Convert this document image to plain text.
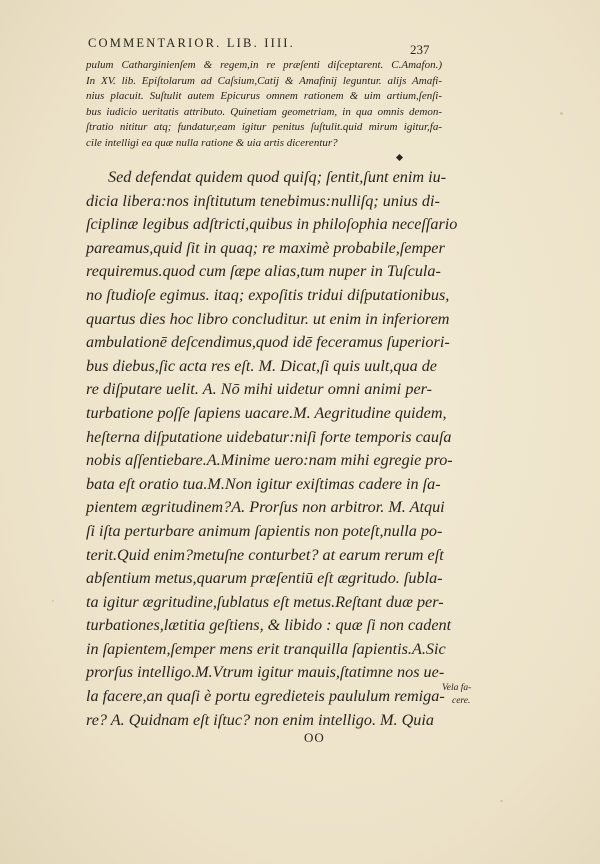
COMMENTARIOR. LIB. IIII.	237
pulum Catharginienſem & regem,in re præſenti diſceptarent. C.Amafon.)
In XV. lib. Epiſtolarum ad Caſsium,Catij & Amafinij leguntur. alijs Amafi-
nius placuit. Suſtulit autem Epicurus omnem rationem & uim artium,ſenſi-
bus iudicio ueritatis attributo. Quinetiam geometriam, in qua omnis demon-
ſtratio nititur atq; fundatur,eam igitur penitus ſuſtulit.quid mirum igitur,fa-
cile intelligi ea quæ nulla ratione & uia artis dicerentur?
Sed defendat quidem quod quiſq; ſentit,ſunt enim iu-
dicia libera:nos inſtitutum tenebimus:nulliſq; unius di-
ſciplinæ legibus adſtricti,quibus in philoſophia neceſſario
pareamus,quid ſit in quaq; re maximè probabile,ſemper
requiremus.quod cum ſæpe alias,tum nuper in Tuſcula-
no ſtudioſe egimus. itaq; expoſitis tridui diſputationibus,
quartus dies hoc libro concluditur. ut enim in inferiorem
ambulationē deſcendimus,quod idē feceramus ſuperiori-
bus diebus,ſic acta res eſt. M. Dicat,ſi quis uult,qua de
re diſputare uelit. A. Nō mihi uidetur omni animi per-
turbatione poſſe ſapiens uacare.M. Aegritudine quidem,
heſterna diſputatione uidebatur:niſi forte temporis cauſa
nobis aſſentiebare.A.Minime uero:nam mihi egregie pro-
bata eſt oratio tua.M.Non igitur exiſtimas cadere in ſa-
pientem ægritudinem?A. Prorſus non arbitror. M. Atqui
ſi iſta perturbare animum ſapientis non poteſt,nulla po-
terit.Quid enim?metuſne conturbet? at earum rerum eſt
abſentium metus,quarum præſentiū eſt ægritudo. ſubla-
ta igitur ægritudine,ſublatus eſt metus.Reſtant duæ per-
turbationes,lætitia geſtiens, & libido : quæ ſi non cadent
in ſapientem,ſemper mens erit tranquilla ſapientis.A.Sic
prorſus intelligo.M.Vtrum igitur mauis,ſtatimne nos ue-
la facere,an quaſi è portu egredieteis paululum remiga-
re? A. Quidnam eſt iſtuc? non enim intelligo. M. Quia
Vela fa-
cere.
OO
